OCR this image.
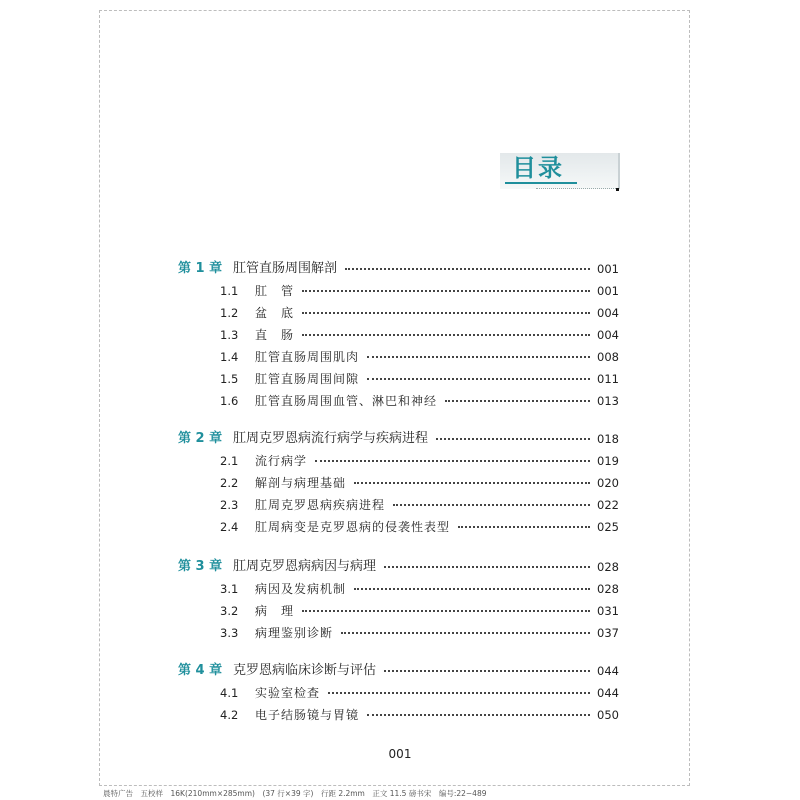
目录
第 1 章 肛管直肠周围解剖	001
1.1 肛　管	001
1.2 盆　底	004
1.3 直　肠	004
1.4 肛管直肠周围肌肉	008
1.5 肛管直肠周围间隙	011
1.6 肛管直肠周围血管、淋巴和神经	013
第 2 章 肛周克罗恩病流行病学与疾病进程	018
2.1 流行病学	019
2.2 解剖与病理基础	020
2.3 肛周克罗恩病疾病进程	022
2.4 肛周病变是克罗恩病的侵袭性表型	025
第 3 章 肛周克罗恩病病因与病理	028
3.1 病因及发病机制	028
3.2 病　理	031
3.3 病理鉴别诊断	037
第 4 章 克罗恩病临床诊断与评估	044
4.1 实验室检查	044
4.2 电子结肠镜与胃镜	050
001
晨特广告　五校样　16K(210mm×285mm)　(37 行×39 字)　行距 2.2mm　正文 11.5 磅书宋　编号:22−489
